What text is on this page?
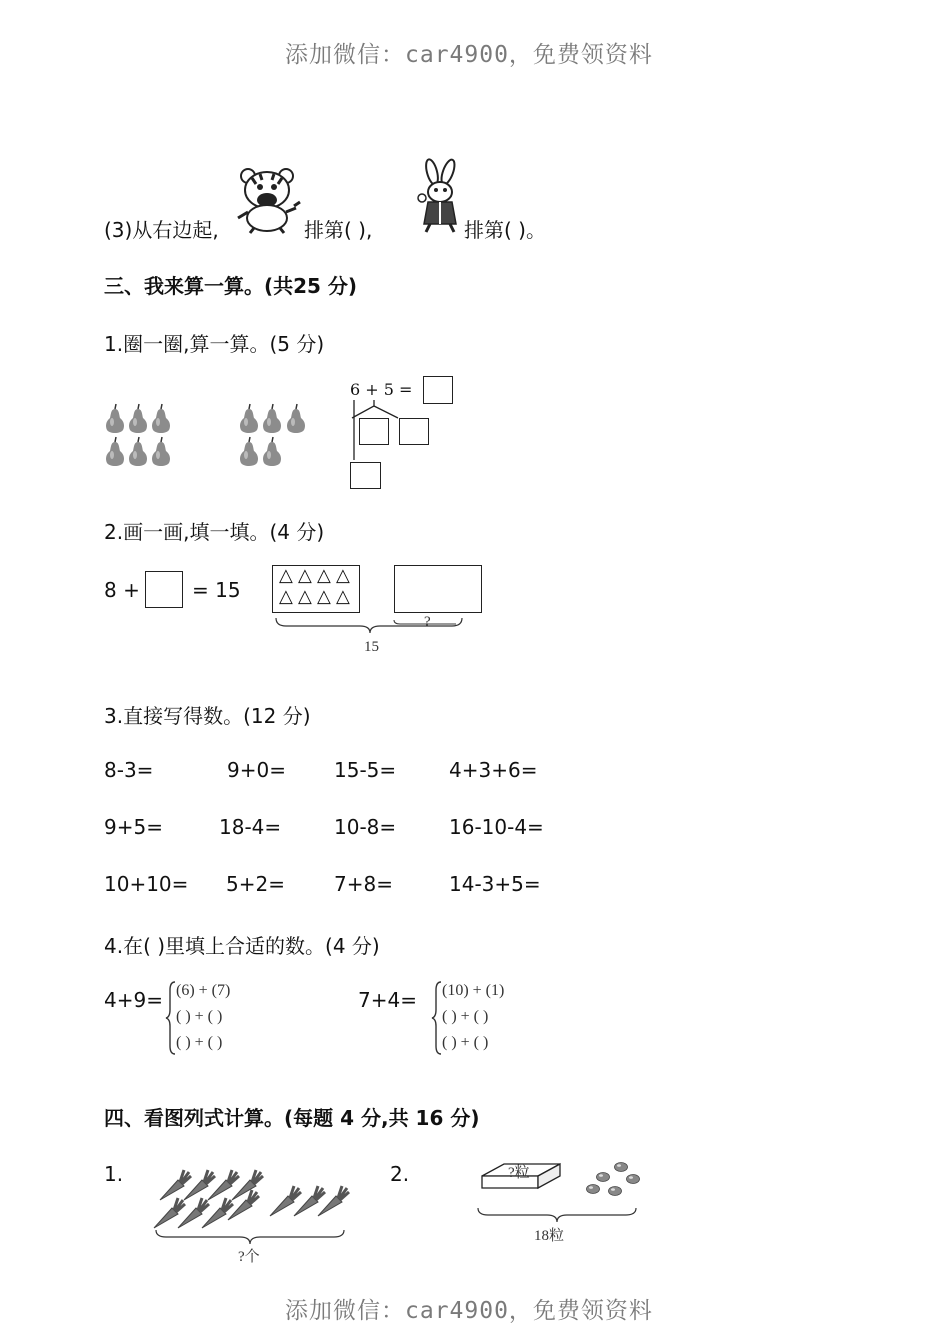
添加微信：car4900，免费领资料
(3)从右边起,	排第( ),	排第( )。
三、我来算一算。(共25 分)
1.圈一圈,算一算。(5 分)
6 + 5 =
2.画一画,填一填。(4 分)
8 +	= 15
△ △ △ △
△ △ △ △
?
15
3.直接写得数。(12 分)
8-3=	9+0= 15-5=	4+3+6=
9+5=	18-4=	10-8=	16-10-4=
10+10= 5+2= 7+8=	14-3+5=
4.在( )里填上合适的数。(4 分)
4+9= (6) + (7)
( ) + ( )
( ) + ( )
7+4= (10) + (1)
( ) + ( )
( ) + ( )
四、看图列式计算。(每题 4 分,共 16 分)
1.
?个
2.	?粒
18粒
添加微信：car4900，免费领资料
